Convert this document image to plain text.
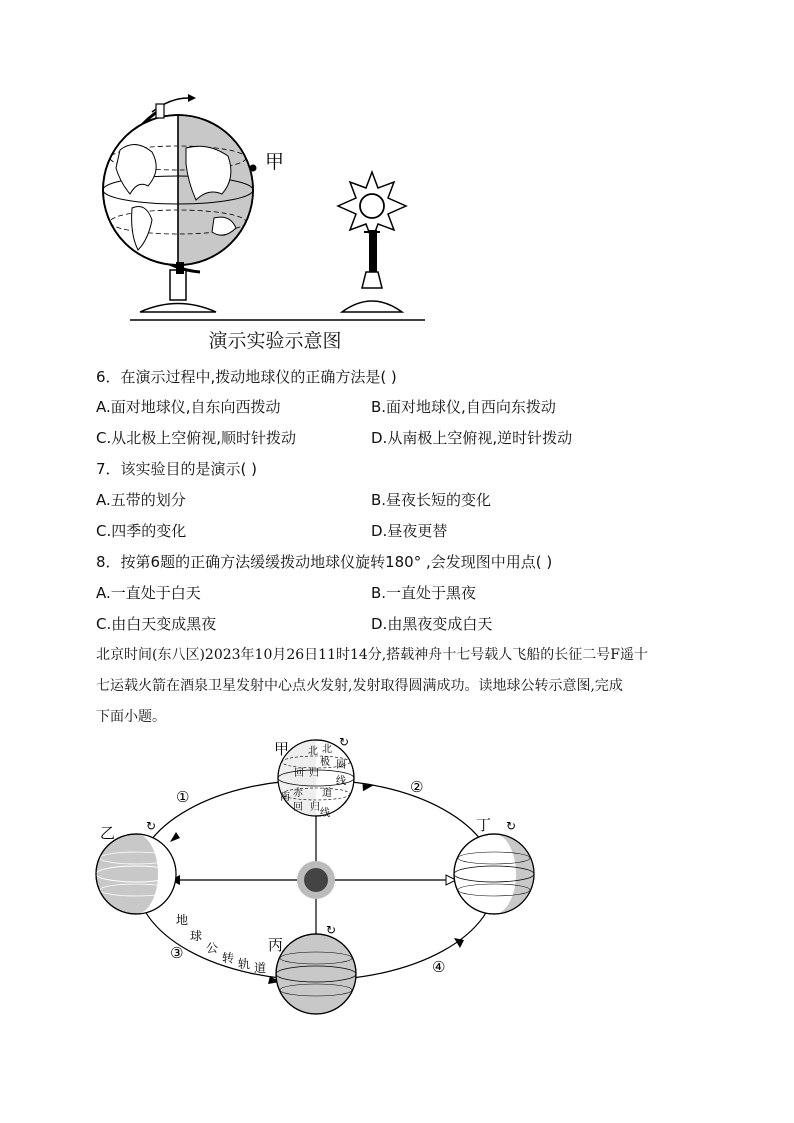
甲
演示实验示意图
6．在演示过程中,拨动地球仪的正确方法是( )
A.面对地球仪,自东向西拨动	B.面对地球仪,自西向东拨动
C.从北极上空俯视,顺时针拨动	D.从南极上空俯视,逆时针拨动
7．该实验目的是演示( )
A.五带的划分	B.昼夜长短的变化
C.四季的变化	D.昼夜更替
8．按第6题的正确方法缓缓拨动地球仪旋转180° ,会发现图中用点( )
A.一直处于白天	B.一直处于黑夜
C.由白天变成黑夜	D.由黑夜变成白天
北京时间(东八区)2023年10月26日11时14分,搭载神舟十七号载人飞船的长征二号F遥十
七运载火箭在酒泉卫星发射中心点火发射,发射取得圆满成功。读地球公转示意图,完成
下面小题。
北 北
极 圈
回 归
线
赤 道
南
回 归
线
甲	↻
乙	↻	丁 ↻
丙
↻
①
②
③
④
地
球
公
转 轨 道
